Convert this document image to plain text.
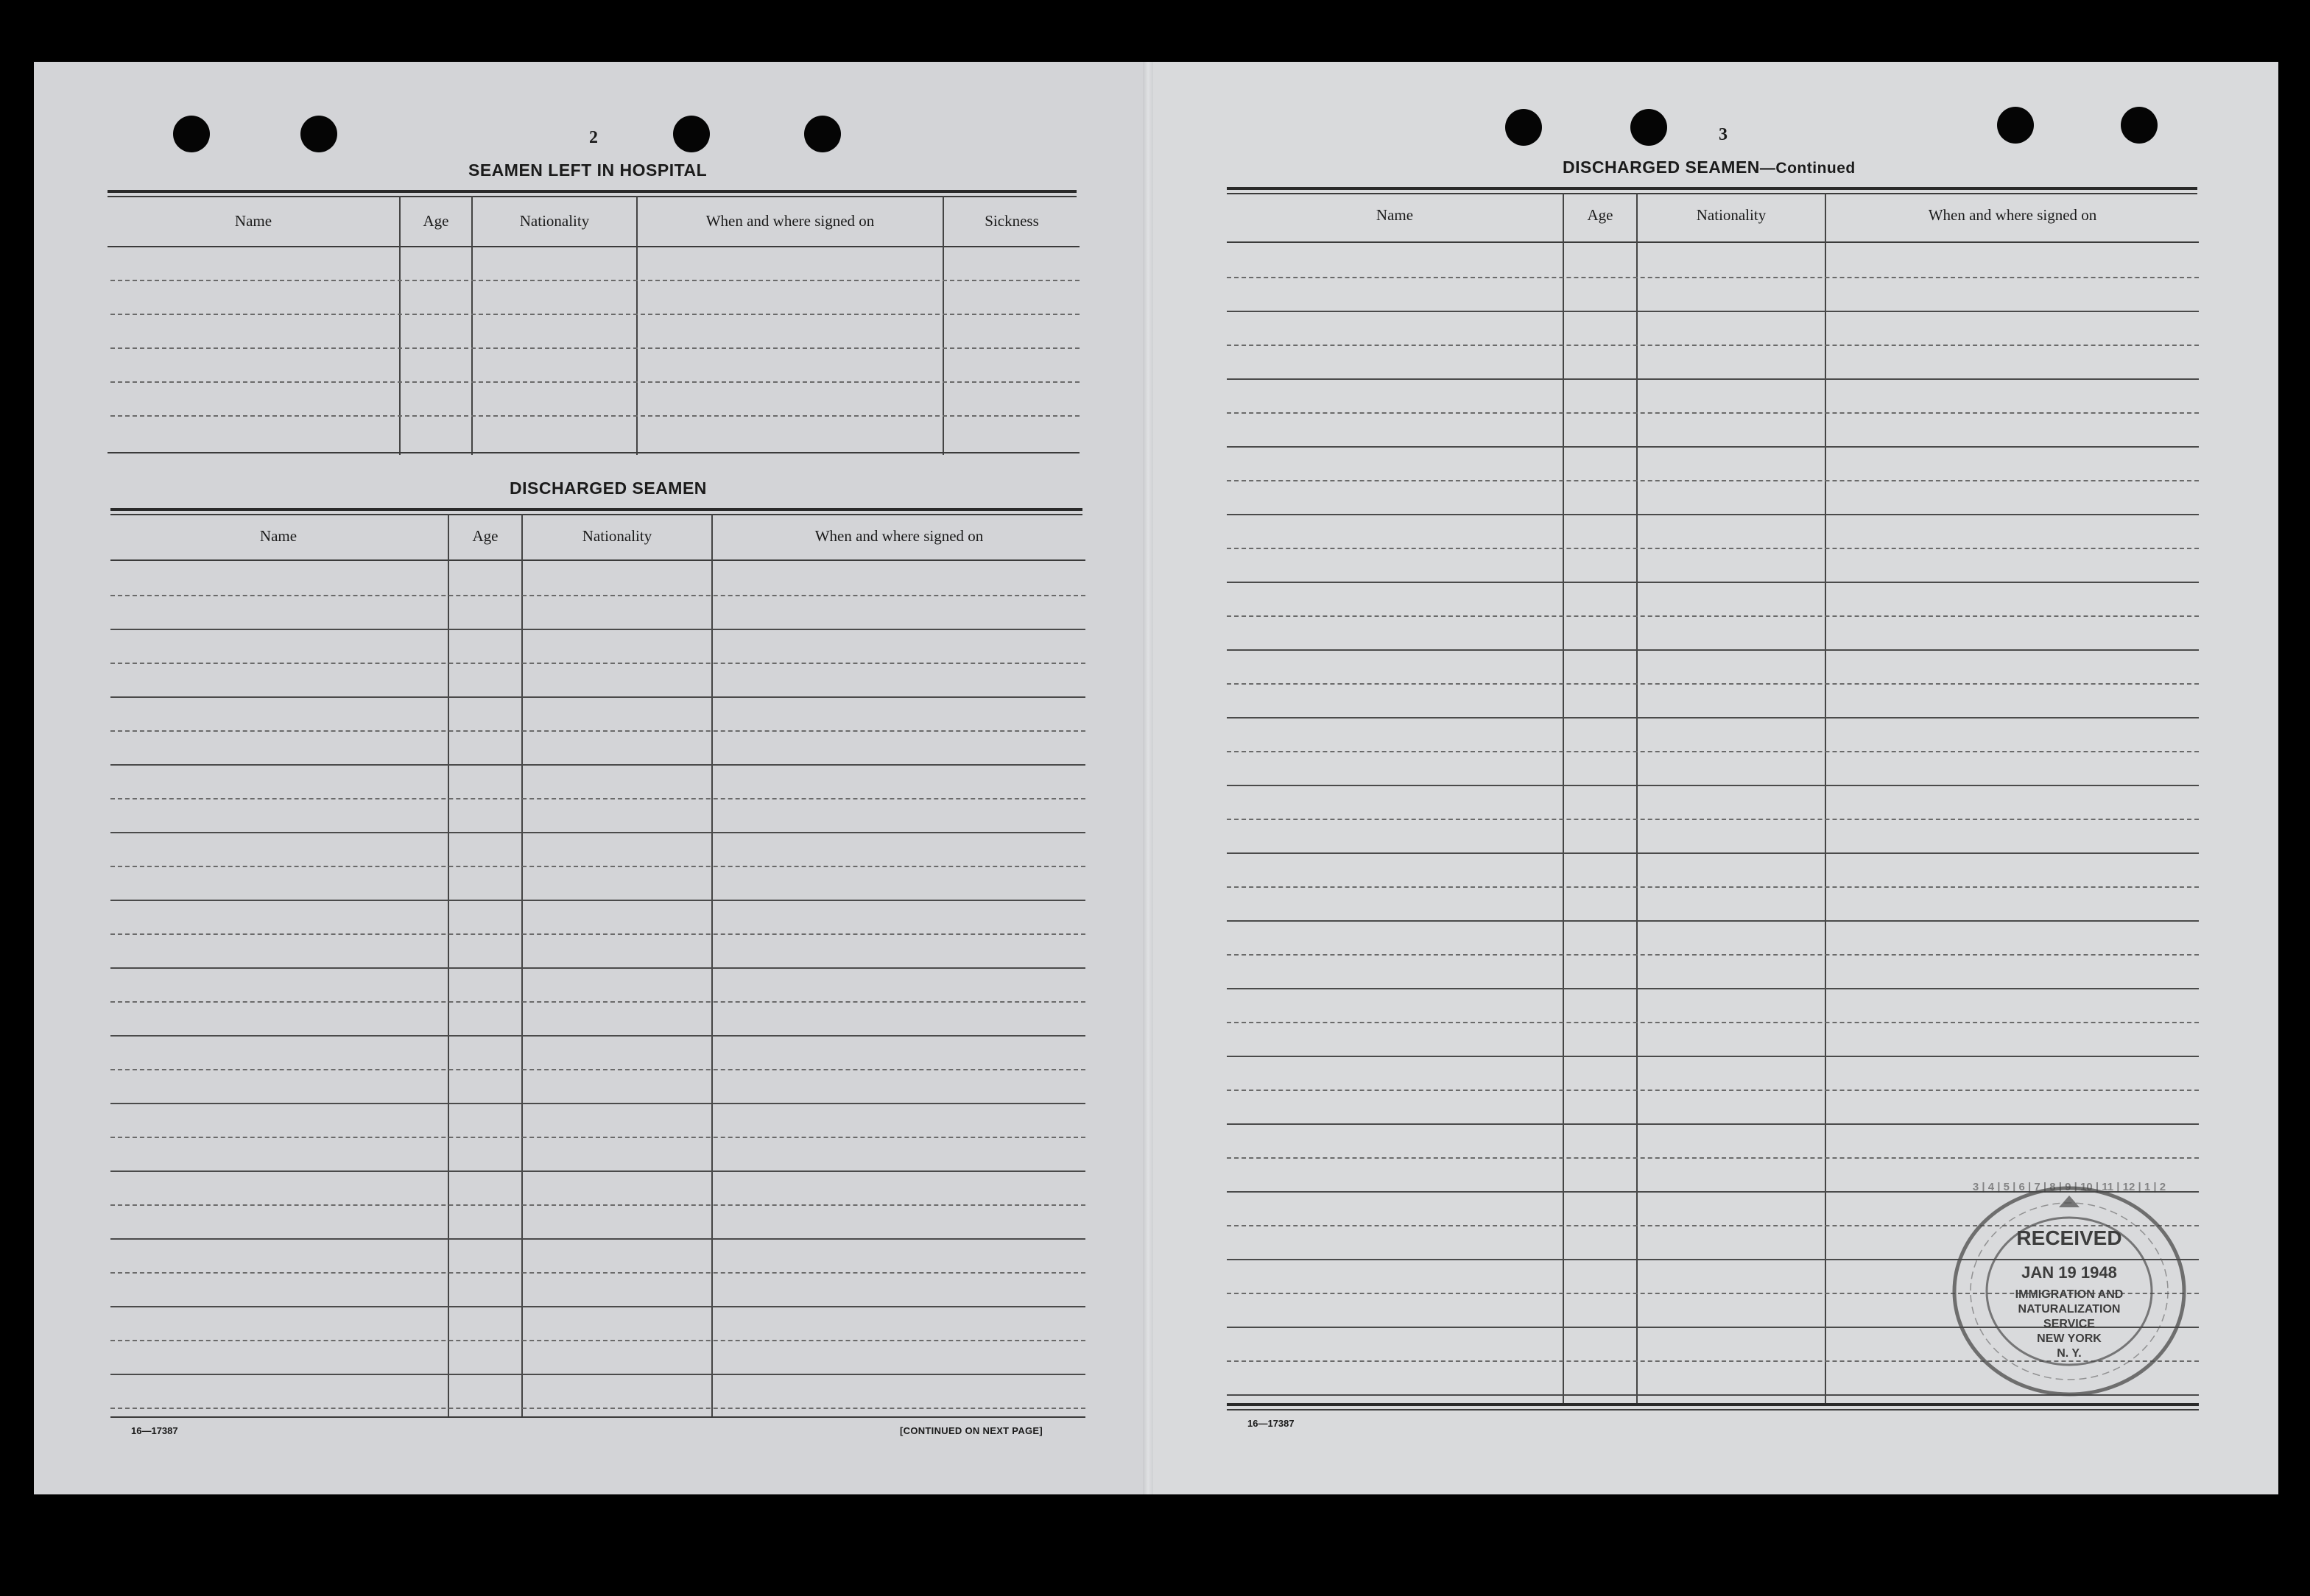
2
SEAMEN LEFT IN HOSPITAL
Name	Age	Nationality	When and where signed on	Sickness
DISCHARGED SEAMEN
Name	Age	Nationality	When and where signed on
16—17387	[CONTINUED ON NEXT PAGE]
3
DISCHARGED SEAMEN—Continued
Name	Age	Nationality	When and where signed on
16—17387
3 | 4 | 5 | 6 | 7 | 8 | 9 | 10 | 11 | 12 | 1 | 2
RECEIVED
JAN 19 1948
IMMIGRATION AND
NATURALIZATION
SERVICE
NEW YORK
N. Y.
